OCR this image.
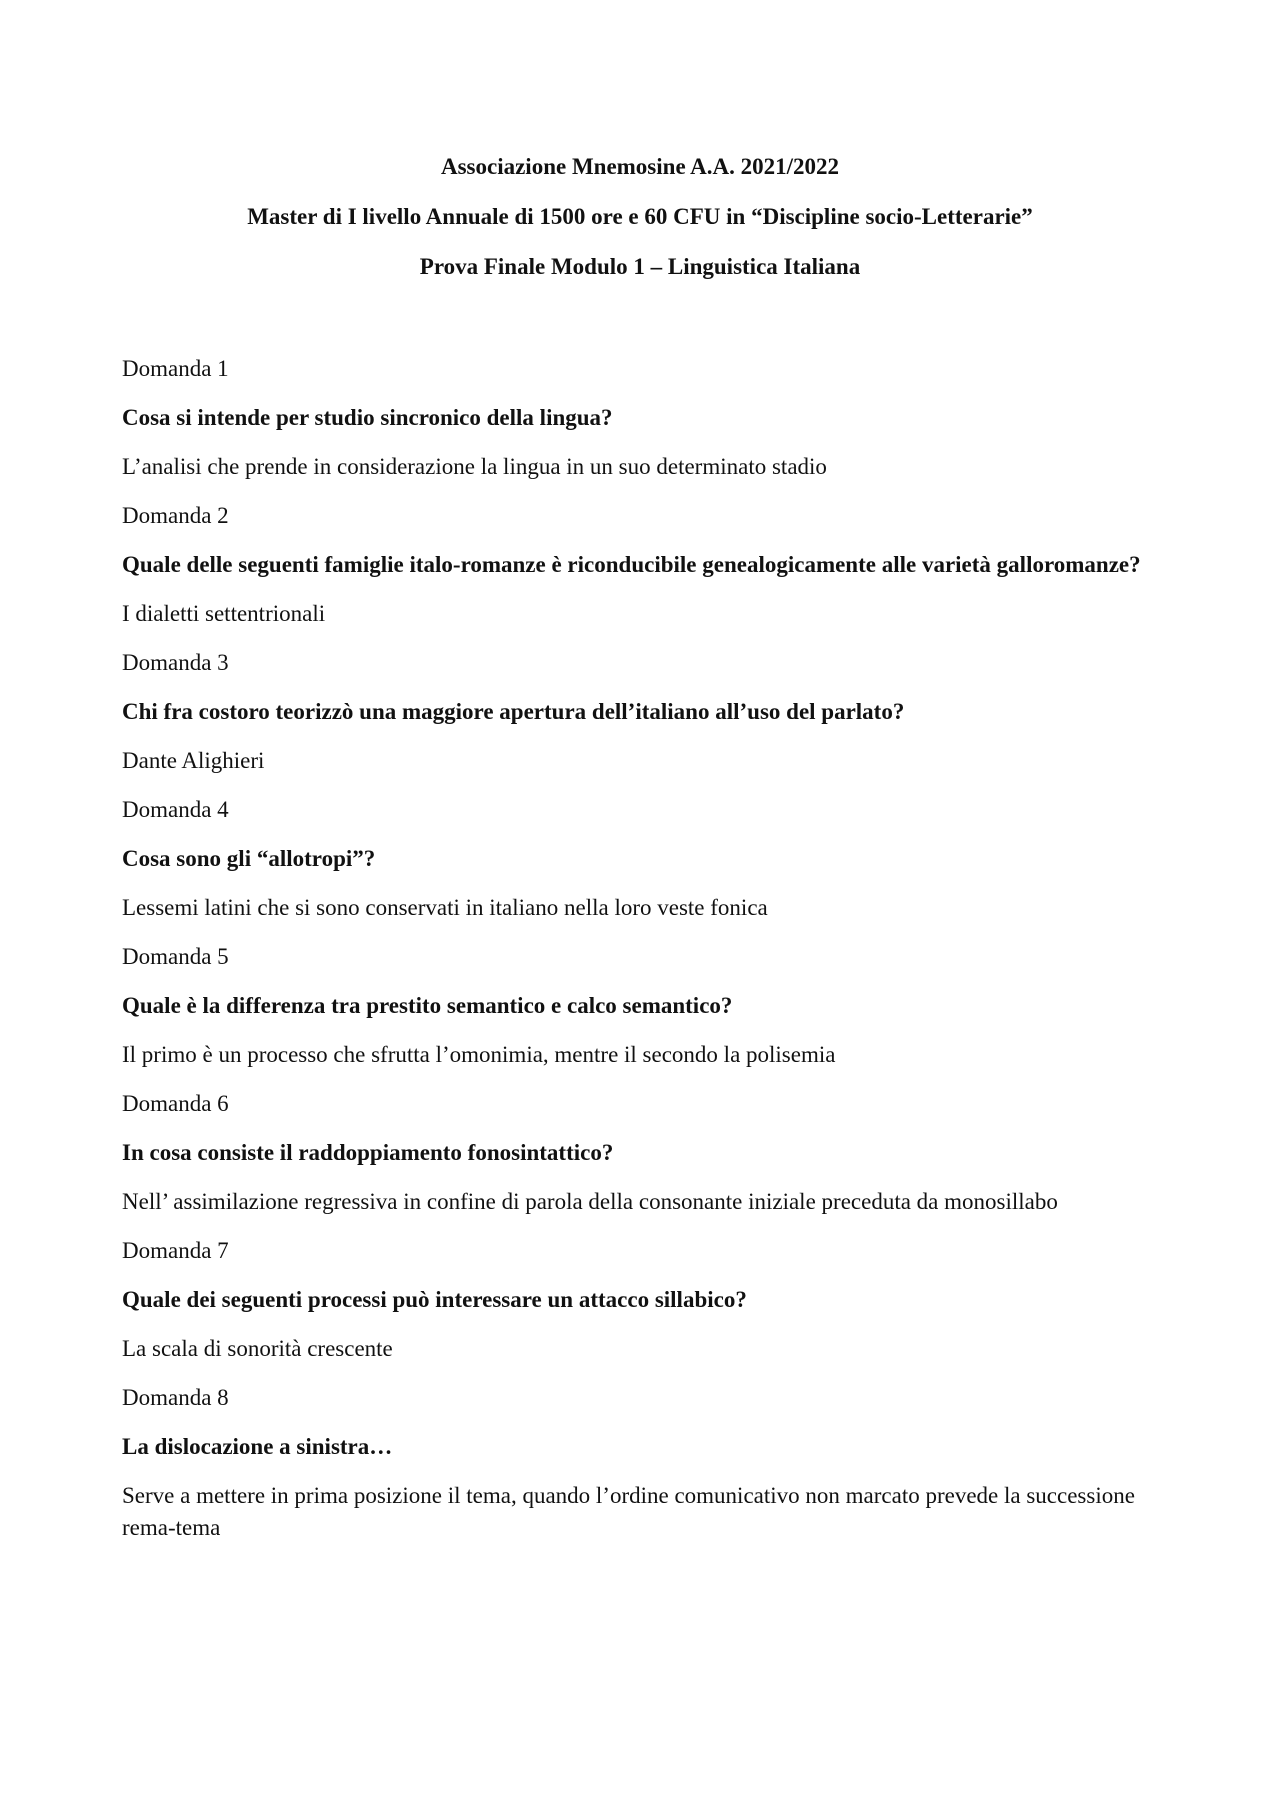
Associazione Mnemosine A.A. 2021/2022
Master di I livello Annuale di 1500 ore e 60 CFU in “Discipline socio-Letterarie”
Prova Finale Modulo 1 – Linguistica Italiana
Domanda 1
Cosa si intende per studio sincronico della lingua?
L’analisi che prende in considerazione la lingua in un suo determinato stadio
Domanda 2
Quale delle seguenti famiglie italo-romanze è riconducibile genealogicamente alle varietà galloromanze?
I dialetti settentrionali
Domanda 3
Chi fra costoro teorizzò una maggiore apertura dell’italiano all’uso del parlato?
Dante Alighieri
Domanda 4
Cosa sono gli “allotropi”?
Lessemi latini che si sono conservati in italiano nella loro veste fonica
Domanda 5
Quale è la differenza tra prestito semantico e calco semantico?
Il primo è un processo che sfrutta l’omonimia, mentre il secondo la polisemia
Domanda 6
In cosa consiste il raddoppiamento fonosintattico?
Nell’ assimilazione regressiva in confine di parola della consonante iniziale preceduta da monosillabo
Domanda 7
Quale dei seguenti processi può interessare un attacco sillabico?
La scala di sonorità crescente
Domanda 8
La dislocazione a sinistra…
Serve a mettere in prima posizione il tema, quando l’ordine comunicativo non marcato prevede la successione rema-tema
